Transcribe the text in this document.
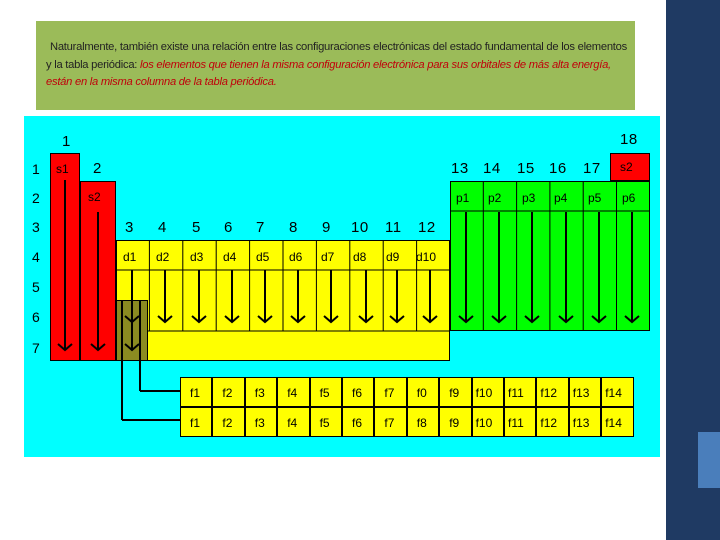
Naturalmente, también existe una relación entre las configuraciones electrónicas del estado fundamental de los elementos y la tabla periódica: los elementos que tienen la misma configuración electrónica para sus orbitales de más alta energía, están en la misma columna de la tabla periódica.
1
2
18
13 14 15 16 17
3 4 5 6 7 8 9 10 11 12
1
2
3
4
5
6
7
p1 p2 p3 p4 p5 p6
d1 d2 d3 d4 d5 d6 d7 d8 d9 d10
f1 f2 f3 f4 f5 f6 f7 f0 f9 f10 f11 f12 f13 f14
f1 f2 f3 f4 f5 f6 f7 f8 f9 f10 f11 f12 f13 f14
s1
s2
s2
